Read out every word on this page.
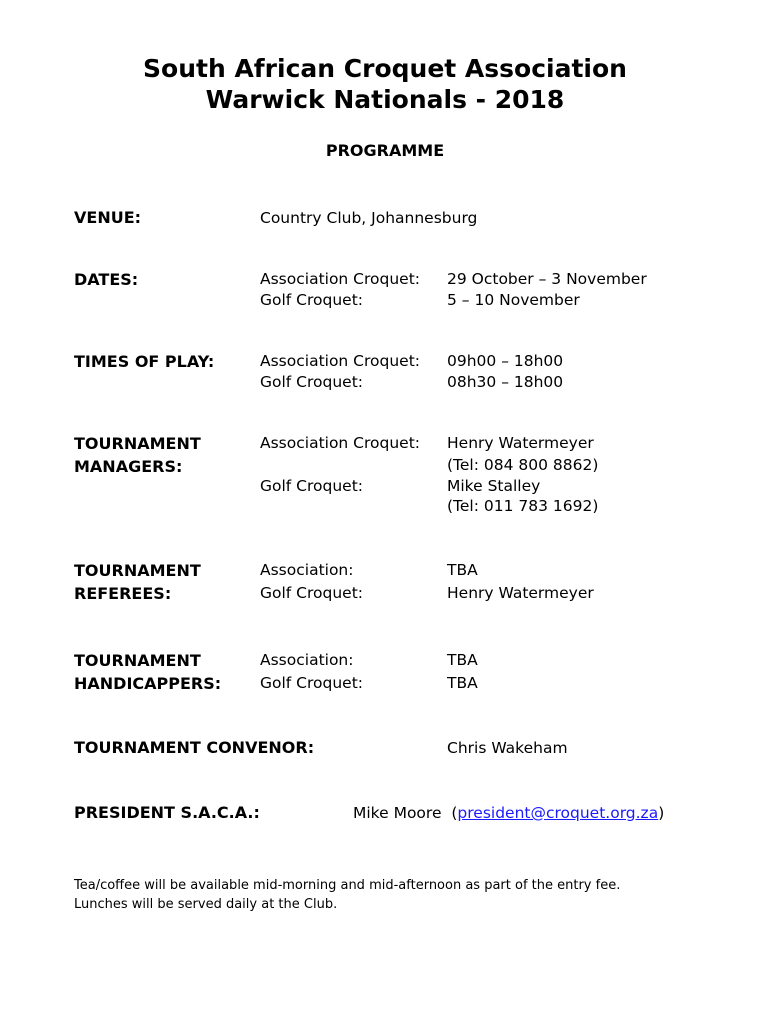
South African Croquet Association
Warwick Nationals - 2018
PROGRAMME
VENUE:	Country Club, Johannesburg
DATES:	Association Croquet: 29 October – 3 November
Golf Croquet:	5 – 10 November
TIMES OF PLAY:	Association Croquet: 09h00 – 18h00
Golf Croquet:	08h30 – 18h00
TOURNAMENT
MANAGERS:
Association Croquet: Henry Watermeyer
(Tel: 084 800 8862)
Golf Croquet:	Mike Stalley
(Tel: 011 783 1692)
TOURNAMENT
REFEREES:
Association:	TBA
Golf Croquet:	Henry Watermeyer
TOURNAMENT
HANDICAPPERS:
Association:	TBA
Golf Croquet:	TBA
TOURNAMENT CONVENOR:	Chris Wakeham
PRESIDENT S.A.C.A.:	Mike Moore (president@croquet.org.za)
Tea/coffee will be available mid-morning and mid-afternoon as part of the entry fee.
Lunches will be served daily at the Club.
